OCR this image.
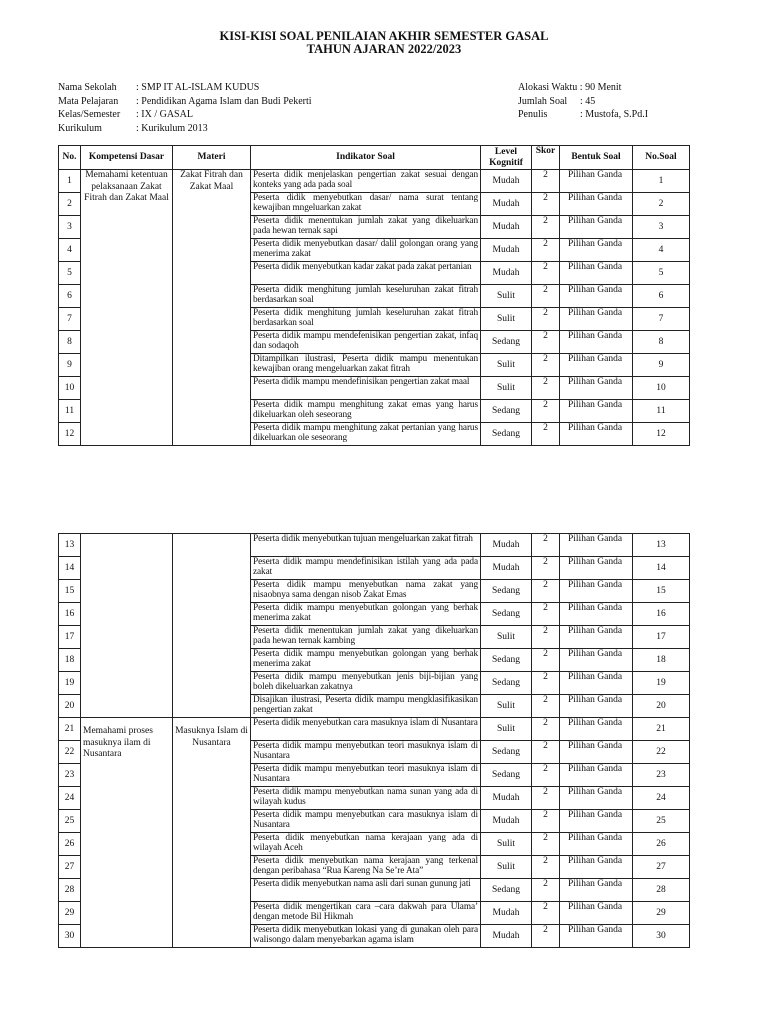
KISI-KISI SOAL PENILAIAN AKHIR SEMESTER GASAL
TAHUN AJARAN 2022/2023
Nama Sekolah : SMP IT AL-ISLAM KUDUS
Mata Pelajaran : Pendidikan Agama Islam dan Budi Pekerti
Kelas/Semester : IX / GASAL
Kurikulum	: Kurikulum 2013
Alokasi Waktu : 90 Menit
Jumlah Soal : 45
Penulis	: Mustofa, S.Pd.I
No.	Kompetensi Dasar	Materi	Indikator Soal	Level Kognitif	Skor	Bentuk Soal	No.Soal
1	Memahami ketentuan pelaksanaan Zakat Fitrah dan Zakat Maal	Zakat Fitrah dan Zakat Maal	Peserta didik menjelaskan pengertian zakat sesuai dengan konteks yang ada pada soal	Mudah	2	Pilihan Ganda	1
2			Peserta didik menyebutkan dasar/ nama surat tentang kewajiban mngeluarkan zakat	Mudah	2	Pilihan Ganda	2
3			Peserta didik menentukan jumlah zakat yang dikeluarkan pada hewan ternak sapi	Mudah	2	Pilihan Ganda	3
4			Peserta didik menyebutkan dasar/ dalil golongan orang yang menerima zakat	Mudah	2	Pilihan Ganda	4
5			Peserta didik menyebutkan kadar zakat pada zakat pertanian	Mudah	2	Pilihan Ganda	5
6			Peserta didik menghitung jumlah keseluruhan zakat fitrah berdasarkan soal	Sulit	2	Pilihan Ganda	6
7			Peserta didik menghitung jumlah keseluruhan zakat fitrah berdasarkan soal	Sulit	2	Pilihan Ganda	7
8			Peserta didik mampu mendefenisikan pengertian zakat, infaq dan sodaqoh	Sedang	2	Pilihan Ganda	8
9			Ditampilkan ilustrasi, Peserta didik mampu menentukan kewajiban orang mengeluarkan zakat fitrah	Sulit	2	Pilihan Ganda	9
10			Peserta didik mampu mendefinisikan pengertian zakat maal	Sulit	2	Pilihan Ganda	10
11			Peserta didik mampu menghitung zakat emas yang harus dikeluarkan oleh seseorang	Sedang	2	Pilihan Ganda	11
12			Peserta didik mampu menghitung zakat pertanian yang harus dikeluarkan ole seseorang	Sedang	2	Pilihan Ganda	12
13			Peserta didik menyebutkan tujuan mengeluarkan zakat fitrah	Mudah	2	Pilihan Ganda	13
14			Peserta didik mampu mendefinisikan istilah yang ada pada zakat	Mudah	2	Pilihan Ganda	14
15			Peserta didik mampu menyebutkan nama zakat yang nisaobnya sama dengan nisob Zakat Emas	Sedang	2	Pilihan Ganda	15
16			Peserta didik mampu menyebutkan golongan yang berhak menerima zakat	Sedang	2	Pilihan Ganda	16
17			Peserta didik menentukan jumlah zakat yang dikeluarkan pada hewan ternak kambing	Sulit	2	Pilihan Ganda	17
18			Peserta didik mampu menyebutkan golongan yang berhak menerima zakat	Sedang	2	Pilihan Ganda	18
19			Peserta didik mampu menyebutkan jenis biji-bijian yang boleh dikeluarkan zakatnya	Sedang	2	Pilihan Ganda	19
20			Disajikan ilustrasi, Peserta didik mampu mengklasifikasikan pengertian zakat	Sulit	2	Pilihan Ganda	20
21	Memahami proses masuknya ilam di Nusantara	Masuknya Islam di Nusantara	Peserta didik menyebutkan cara masuknya islam di Nusantara	Sulit	2	Pilihan Ganda	21
22			Peserta didik mampu menyebutkan teori masuknya islam di Nusantara	Sedang	2	Pilihan Ganda	22
23			Peserta didik mampu menyebutkan teori masuknya islam di Nusantara	Sedang	2	Pilihan Ganda	23
24			Peserta didik mampu menyebutkan nama sunan yang ada di wilayah kudus	Mudah	2	Pilihan Ganda	24
25			Peserta didik mampu menyebutkan cara masuknya islam di Nusantara	Mudah	2	Pilihan Ganda	25
26			Peserta didik menyebutkan nama kerajaan yang ada di wilayah Aceh	Sulit	2	Pilihan Ganda	26
27			Peserta didik menyebutkan nama kerajaan yang terkenal dengan peribahasa “Rua Kareng Na Se’re Ata”	Sulit	2	Pilihan Ganda	27
28			Peserta didik menyebutkan nama asli dari sunan gunung jati	Sedang	2	Pilihan Ganda	28
29			Peserta didik mengertikan cara –cara dakwah para Ulama’ dengan metode Bil Hikmah	Mudah	2	Pilihan Ganda	29
30			Peserta didik menyebutkan lokasi yang di gunakan oleh para walisongo dalam menyebarkan agama islam	Mudah	2	Pilihan Ganda	30
